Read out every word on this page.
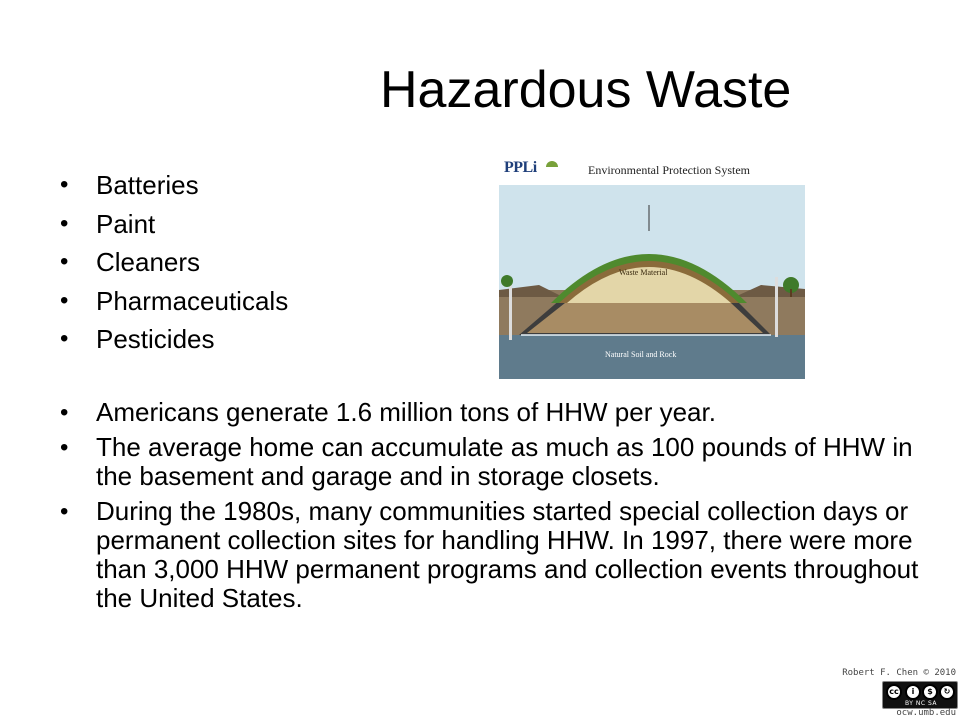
Hazardous Waste
• Batteries
• Paint
• Cleaners
• Pharmaceuticals
• Pesticides
PPLi	Environmental Protection System
Waste Material
Natural Soil and Rock
• Americans generate 1.6 million tons of HHW per year.
• The average home can accumulate as much as 100 pounds of HHW in the basement and garage and in storage closets.
• During the 1980s, many communities started special collection days or permanent collection sites for handling HHW. In 1997, there were more than 3,000 HHW permanent programs and collection events throughout the United States.
Robert F. Chen © 2010
cc	i	$	↻
BY NC SA
ocw.umb.edu
